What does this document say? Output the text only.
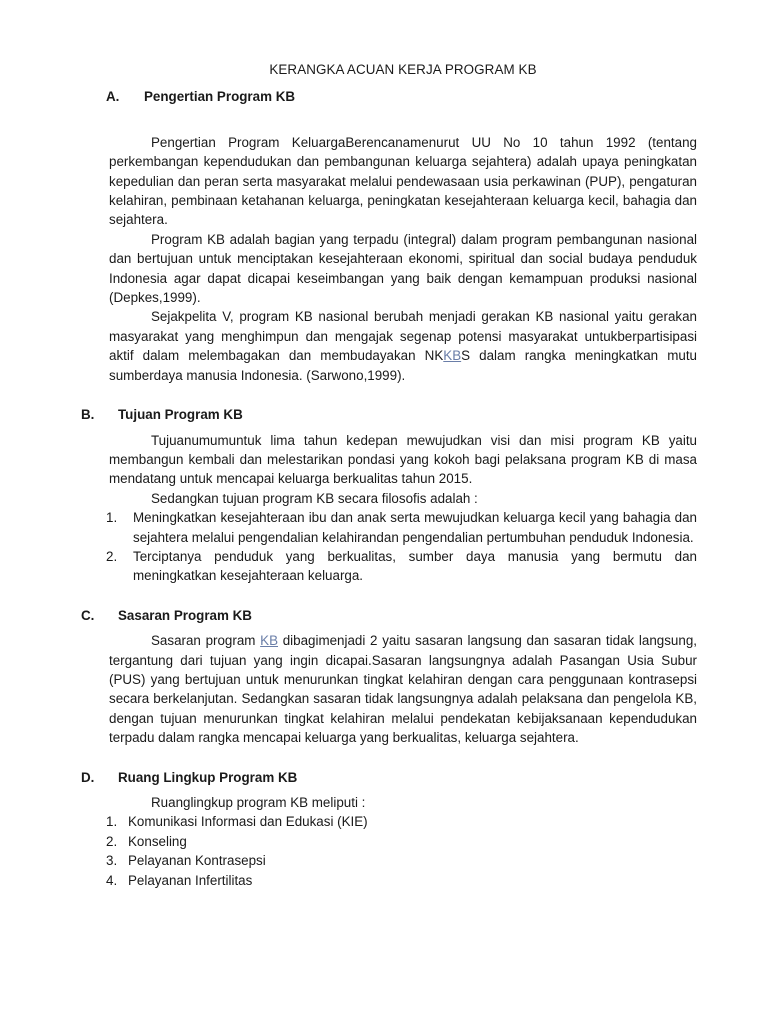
KERANGKA ACUAN KERJA PROGRAM KB
A. Pengertian Program KB

Pengertian Program KeluargaBerencanamenurut UU No 10 tahun 1992 (tentang perkembangan kependudukan dan pembangunan keluarga sejahtera) adalah upaya peningkatan kepedulian dan peran serta masyarakat melalui pendewasaan usia perkawinan (PUP), pengaturan kelahiran, pembinaan ketahanan keluarga, peningkatan kesejahteraan keluarga kecil, bahagia dan sejahtera.

Program KB adalah bagian yang terpadu (integral) dalam program pembangunan nasional dan bertujuan untuk menciptakan kesejahteraan ekonomi, spiritual dan social budaya penduduk Indonesia agar dapat dicapai keseimbangan yang baik dengan kemampuan produksi nasional (Depkes,1999).

Sejakpelita V, program KB nasional berubah menjadi gerakan KB nasional yaitu gerakan masyarakat yang menghimpun dan mengajak segenap potensi masyarakat untukberpartisipasi aktif dalam melembagakan dan membudayakan NKKBS dalam rangka meningkatkan mutu sumberdaya manusia Indonesia. (Sarwono,1999).

B. Tujuan Program KB

Tujuanumumuntuk lima tahun kedepan mewujudkan visi dan misi program KB yaitu membangun kembali dan melestarikan pondasi yang kokoh bagi pelaksana program KB di masa mendatang untuk mencapai keluarga berkualitas tahun 2015.

Sedangkan tujuan program KB secara filosofis adalah :

1. Meningkatkan kesejahteraan ibu dan anak serta mewujudkan keluarga kecil yang bahagia dan sejahtera melalui pengendalian kelahirandan pengendalian pertumbuhan penduduk Indonesia.
2. Terciptanya penduduk yang berkualitas, sumber daya manusia yang bermutu dan meningkatkan kesejahteraan keluarga.
C. Sasaran Program KB

Sasaran program KB dibagimenjadi 2 yaitu sasaran langsung dan sasaran tidak langsung, tergantung dari tujuan yang ingin dicapai.Sasaran langsungnya adalah Pasangan Usia Subur (PUS) yang bertujuan untuk menurunkan tingkat kelahiran dengan cara penggunaan kontrasepsi secara berkelanjutan. Sedangkan sasaran tidak langsungnya adalah pelaksana dan pengelola KB, dengan tujuan menurunkan tingkat kelahiran melalui pendekatan kebijaksanaan kependudukan terpadu dalam rangka mencapai keluarga yang berkualitas, keluarga sejahtera.

D. Ruang Lingkup Program KB

Ruanglingkup program KB meliputi :

1. Komunikasi Informasi dan Edukasi (KIE)
2. Konseling
3. Pelayanan Kontrasepsi
4. Pelayanan Infertilitas
